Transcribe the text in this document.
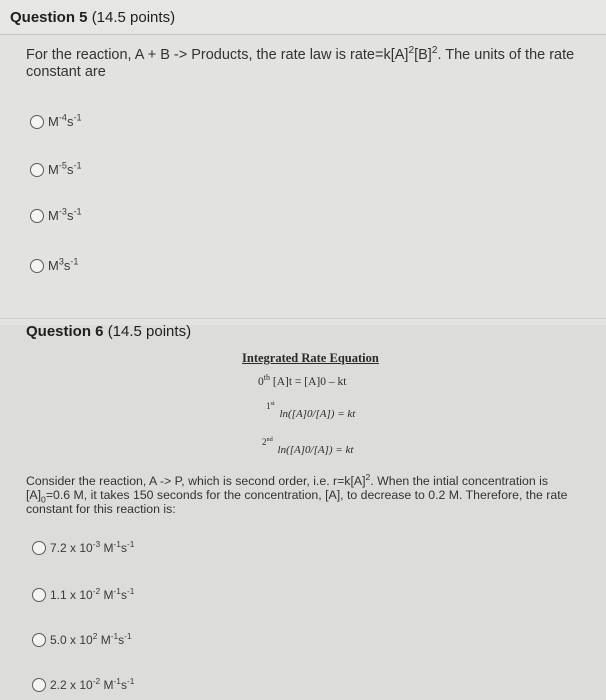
Question 5 (14.5 points)
For the reaction, A + B -> Products, the rate law is $rate=k[A]^2[B]^2$. The units of the rate constant are
$M^{-4}s^{-1}$
$M^{-5}s^{-1}$
$M^{-3}s^{-1}$
$M^3s^{-1}$
Question 6 (14.5 points)
Integrated Rate Equation
0th [A]t = [A]0 – kt
$^{1^{st}}$ ln([A]0/[A]) = kt
$^{2^{nd}}$ ln([A]0/[A]) = kt
Consider the reaction, A -> P, which is second order, i.e. $r=k[A]^2$. When the intial concentration is $[A]_0=0.6$ M, it takes 150 seconds for the concentration, [A], to decrease to 0.2 M. Therefore, the rate constant for this reaction is:
7.2 x $10^{-3}$ $M^{-1}s^{-1}$
1.1 x $10^{-2}$ $M^{-1}s^{-1}$
5.0 x $10^2$ $M^{-1}s^{-1}$
2.2 x $10^{-2}$ $M^{-1}s^{-1}$
